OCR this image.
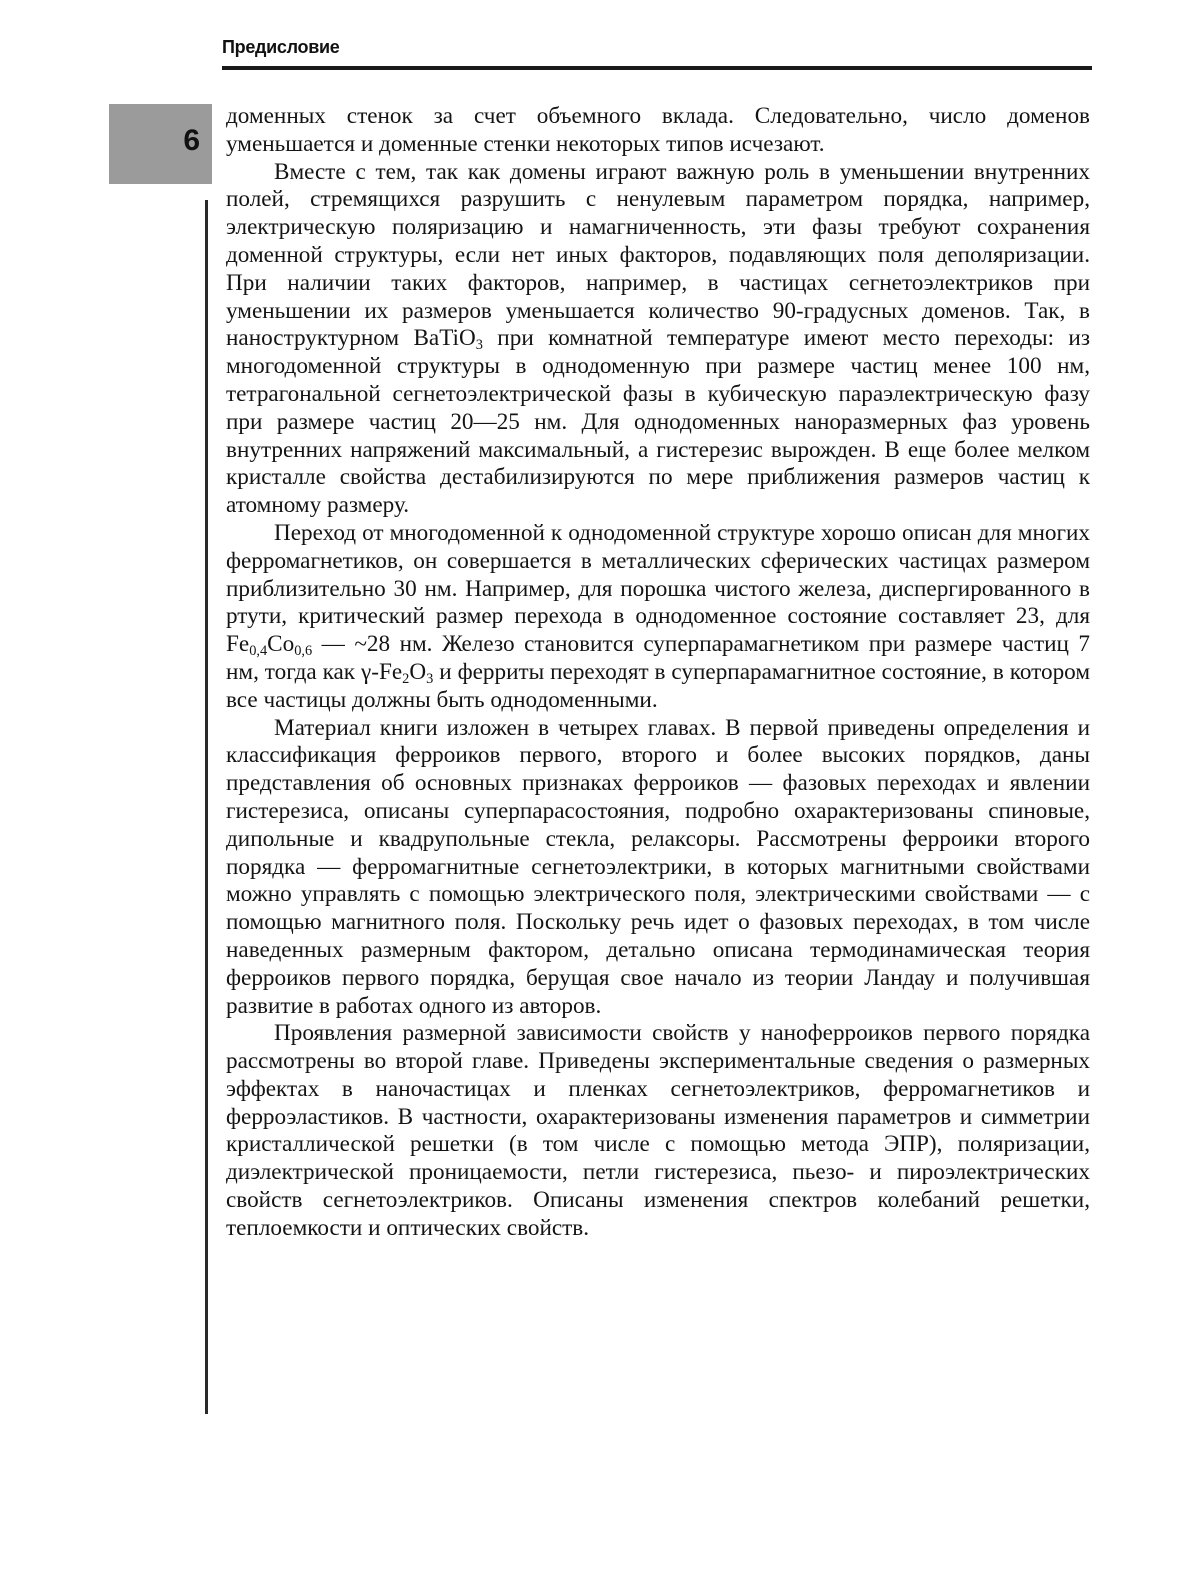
Предисловие
6

доменных стенок за счет объемного вклада. Следовательно, число доменов уменьшается и доменные стенки некоторых типов исчезают.

Вместе с тем, так как домены играют важную роль в уменьшении внутренних полей, стремящихся разрушить с ненулевым параметром порядка, например, электрическую поляризацию и намагниченность, эти фазы требуют сохранения доменной структуры, если нет иных факторов, подавляющих поля деполяризации. При наличии таких факторов, например, в частицах сегнетоэлектриков при уменьшении их размеров уменьшается количество 90-градусных доменов. Так, в наноструктурном BaTiO$_3$ при комнатной температуре имеют место переходы: из многодоменной структуры в однодоменную при размере частиц менее 100 нм, тетрагональной сегнетоэлектрической фазы в кубическую параэлектрическую фазу при размере частиц 20—25 нм. Для однодоменных наноразмерных фаз уровень внутренних напряжений максимальный, а гистерезис вырожден. В еще более мелком кристалле свойства дестабилизируются по мере приближения размеров частиц к атомному размеру.

Переход от многодоменной к однодоменной структуре хорошо описан для многих ферромагнетиков, он совершается в металлических сферических частицах размером приблизительно 30 нм. Например, для порошка чистого железа, диспергированного в ртути, критический размер перехода в однодоменное состояние составляет 23, для $Fe_{0,4}Co_{0,6}$ — ~28 нм. Железо становится суперпарамагнетиком при размере частиц 7 нм, тогда как $\gamma-Fe_2O_3$ и ферриты переходят в суперпарамагнитное состояние, в котором все частицы должны быть однодоменными.

Материал книги изложен в четырех главах. В первой приведены определения и классификация ферроиков первого, второго и более высоких порядков, даны представления об основных признаках ферроиков — фазовых переходах и явлении гистерезиса, описаны суперпарасостояния, подробно охарактеризованы спиновые, дипольные и квадрупольные стекла, релаксоры. Рассмотрены ферроики второго порядка — ферромагнитные сегнетоэлектрики, в которых магнитными свойствами можно управлять с помощью электрического поля, электрическими свойствами — с помощью магнитного поля. Поскольку речь идет о фазовых переходах, в том числе наведенных размерным фактором, детально описана термодинамическая теория ферроиков первого порядка, берущая свое начало из теории Ландау и получившая развитие в работах одного из авторов.

Проявления размерной зависимости свойств у наноферроиков первого порядка рассмотрены во второй главе. Приведены экспериментальные сведения о размерных эффектах в наночастицах и пленках сегнетоэлектриков, ферромагнетиков и ферроэластиков. В частности, охарактеризованы изменения параметров и симметрии кристаллической решетки (в том числе с помощью метода ЭПР), поляризации, диэлектрической проницаемости, петли гистерезиса, пьезо- и пироэлектрических свойств сегнетоэлектриков. Описаны изменения спектров колебаний решетки, теплоемкости и оптических свойств.
